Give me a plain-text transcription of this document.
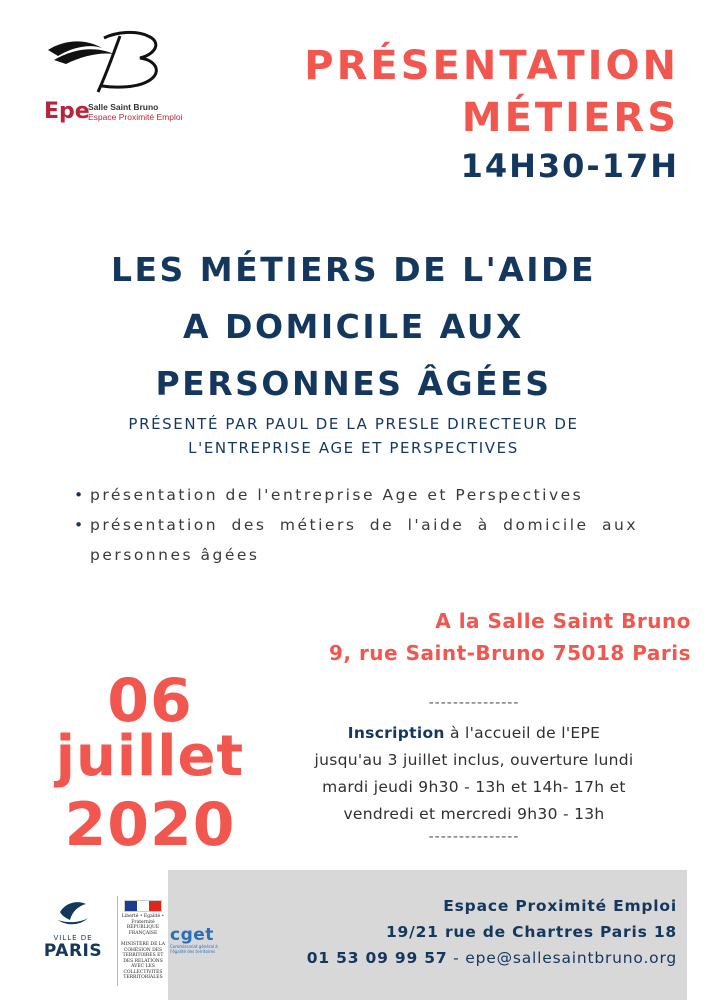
Epe
Salle Saint Bruno
Espace Proximité Emploi
PRÉSENTATION
MÉTIERS
14H30-17H
LES MÉTIERS DE L'AIDE
A DOMICILE AUX
PERSONNES ÂGÉES
PRÉSENTÉ PAR PAUL DE LA PRESLE DIRECTEUR DE
L'ENTREPRISE AGE ET PERSPECTIVES
• présentation de l'entreprise Age et Perspectives
• présentation des métiers de l'aide à domicile aux personnes âgées
A la Salle Saint Bruno
9, rue Saint-Bruno 75018 Paris
06
juillet
2020
---------------
Inscription à l'accueil de l'EPE
jusqu'au 3 juillet inclus, ouverture lundi
mardi jeudi 9h30 - 13h et 14h- 17h et
vendredi et mercredi 9h30 - 13h
---------------
Espace Proximité Emploi
19/21 rue de Chartres Paris 18
01 53 09 99 57 - epe@sallesaintbruno.org
VILLE DE
PARIS
Liberté • Égalité • Fraternité
RÉPUBLIQUE FRANÇAISE
MINISTÈRE DE LA COHÉSION DES TERRITOIRES ET DES RELATIONS AVEC LES COLLECTIVITÉS TERRITORIALES
cget
Commissariat général à l'égalité des territoires
